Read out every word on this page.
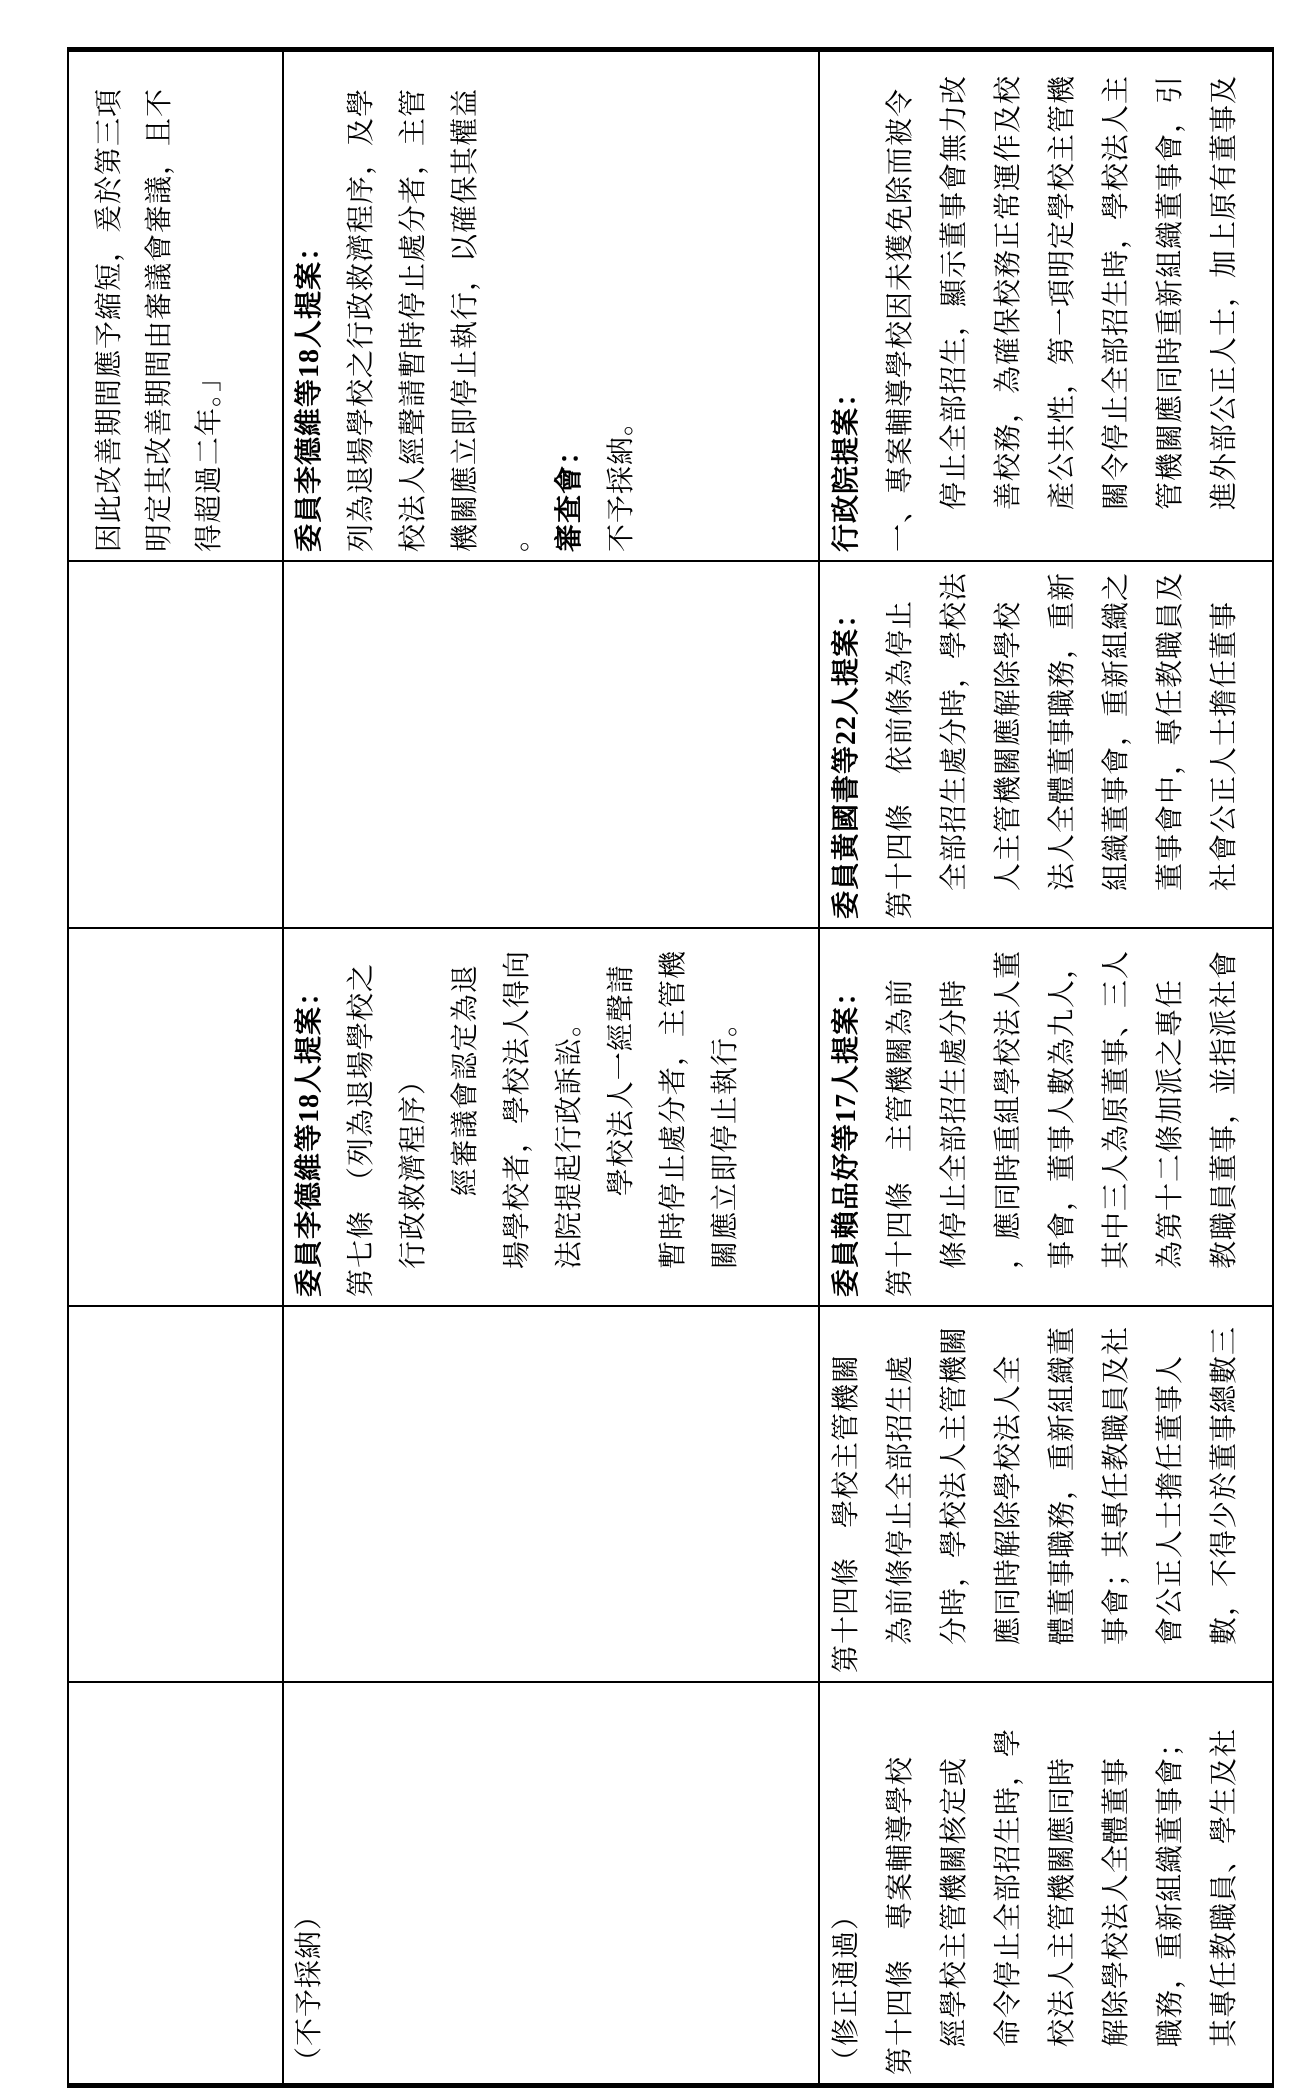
因此改善期間應予縮短，爰於第三項 明定其改善期間由審議會審議，且不 得超過二年。」
（不予採納）
委員李德維等18人提案： 第七條　（列為退場學校之 行政救濟程序） 經審議會認定為退 場學校者，學校法人得向 法院提起行政訴訟。 學校法人一經聲請 暫時停止處分者，主管機 關應立即停止執行。
委員李德維等18人提案： 列為退場學校之行政救濟程序，及學 校法人經聲請暫時停止處分者，主管 機關應立即停止執行，以確保其權益 。 審查會： 不予採納。
（修正通過） 第十四條　專案輔導學校 經學校主管機關核定或 命令停止全部招生時，學 校法人主管機關應同時 解除學校法人全體董事 職務，重新組織董事會； 其專任教職員、學生及社
第十四條　學校主管機關 為前條停止全部招生處 分時，學校法人主管機關 應同時解除學校法人全 體董事職務，重新組織董 事會；其專任教職員及社 會公正人士擔任董事人 數，不得少於董事總數三
委員賴品妤等17人提案： 第十四條　主管機關為前 條停止全部招生處分時 ，應同時重組學校法人董 事會，董事人數為九人， 其中三人為原董事、三人 為第十二條加派之專任 教職員董事，並指派社會
委員黃國書等22人提案： 第十四條　依前條為停止 全部招生處分時，學校法 人主管機關應解除學校 法人全體董事職務，重新 組織董事會，重新組織之 董事會中，專任教職員及 社會公正人士擔任董事
行政院提案： 一、專案輔導學校因未獲免除而被令 停止全部招生，顯示董事會無力改 善校務，為確保校務正常運作及校 產公共性，第一項明定學校主管機 關令停止全部招生時，學校法人主 管機關應同時重新組織董事會，引 進外部公正人士，加上原有董事及
